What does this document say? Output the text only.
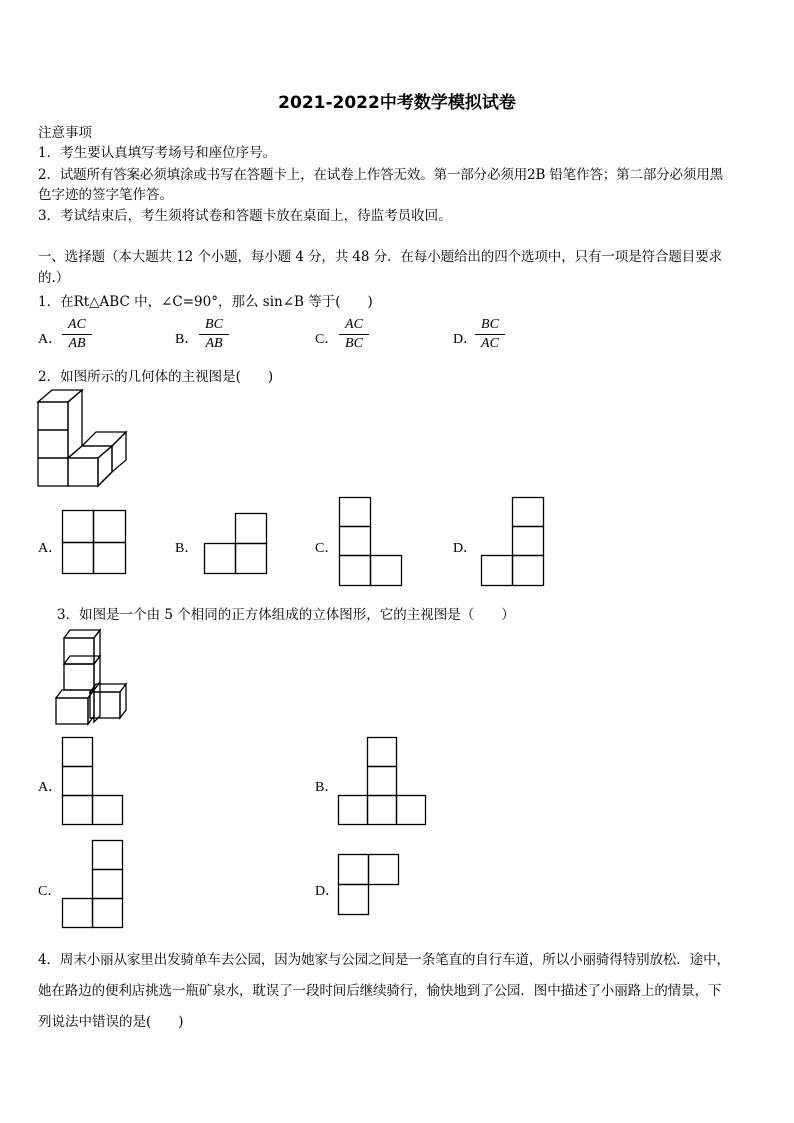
2021-2022中考数学模拟试卷
注意事项
1．考生要认真填写考场号和座位序号。
2．试题所有答案必须填涂或书写在答题卡上，在试卷上作答无效。第一部分必须用2B 铅笔作答；第二部分必须用黑
色字迹的签字笔作答。
3．考试结束后，考生须将试卷和答题卡放在桌面上，待监考员收回。
一、选择题（本大题共 12 个小题，每小题 4 分，共 48 分．在每小题给出的四个选项中，只有一项是符合题目要求
的.）
1．在Rt△ABC 中，∠C=90°，那么 sin∠B 等于(　　)
A． $\frac{AC}{AB}$	B． $\frac{BC}{AB}$	C． $\frac{AC}{BC}$	D．
$\frac{BC}{AC}$
2．如图所示的几何体的主视图是(　　)
A．	B．	C．	D．
3．如图是一个由 5 个相同的正方体组成的立体图形，它的主视图是（　　）
A．	B．
C．	D．
4．周末小丽从家里出发骑单车去公园，因为她家与公园之间是一条笔直的自行车道，所以小丽骑得特别放松．途中，
她在路边的便利店挑选一瓶矿泉水，耽误了一段时间后继续骑行，愉快地到了公园．图中描述了小丽路上的情景，下
列说法中错误的是(　　)
